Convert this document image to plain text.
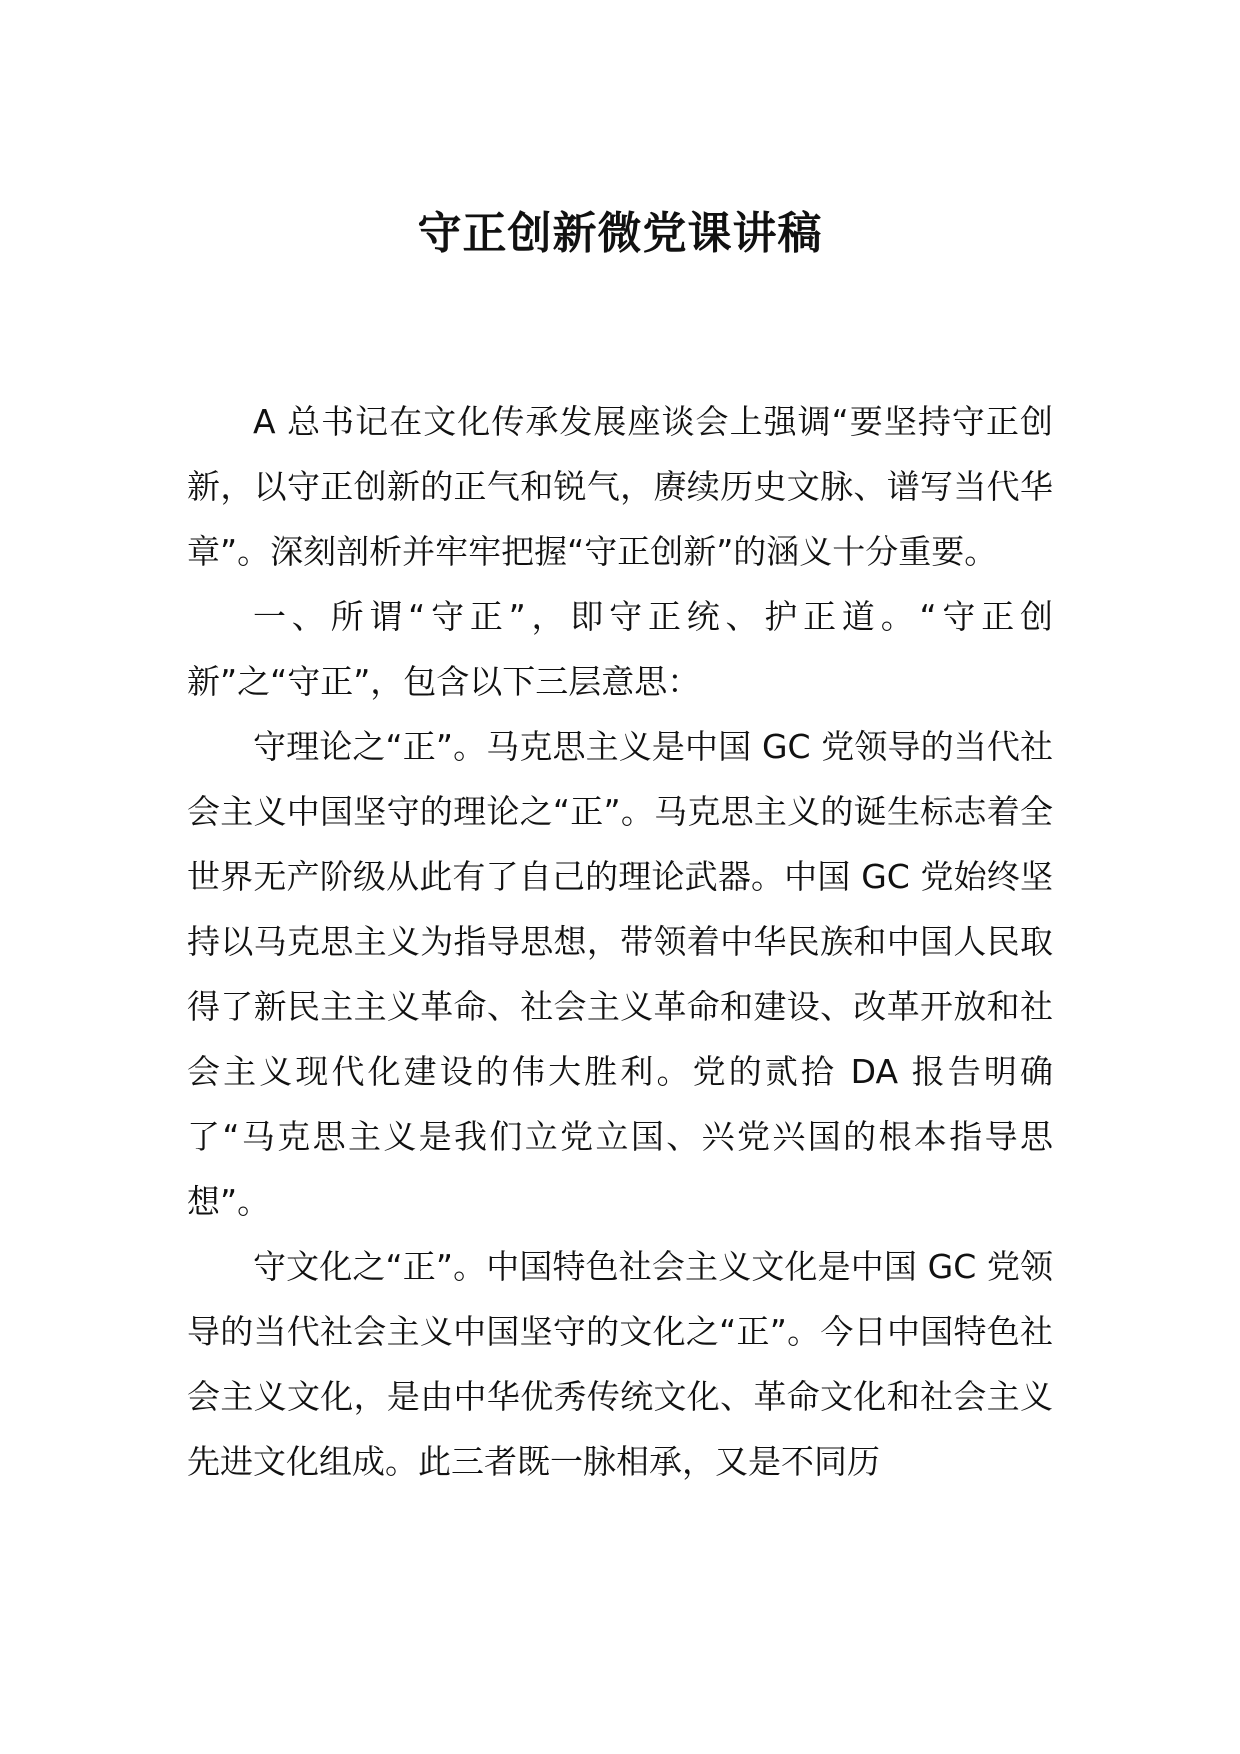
守正创新微党课讲稿

A 总书记在文化传承发展座谈会上强调“要坚持守正创新，以守正创新的正气和锐气，赓续历史文脉、谱写当代华章”。深刻剖析并牢牢把握“守正创新”的涵义十分重要。

一、所谓“守正”，即守正统、护正道。“守正创新”之“守正”，包含以下三层意思：

守理论之“正”。马克思主义是中国 GC 党领导的当代社会主义中国坚守的理论之“正”。马克思主义的诞生标志着全世界无产阶级从此有了自己的理论武器。中国 GC 党始终坚持以马克思主义为指导思想，带领着中华民族和中国人民取得了新民主主义革命、社会主义革命和建设、改革开放和社会主义现代化建设的伟大胜利。党的贰拾 DA 报告明确了“马克思主义是我们立党立国、兴党兴国的根本指导思想”。

守文化之“正”。中国特色社会主义文化是中国 GC 党领导的当代社会主义中国坚守的文化之“正”。今日中国特色社会主义文化，是由中华优秀传统文化、革命文化和社会主义先进文化组成。此三者既一脉相承，又是不同历
